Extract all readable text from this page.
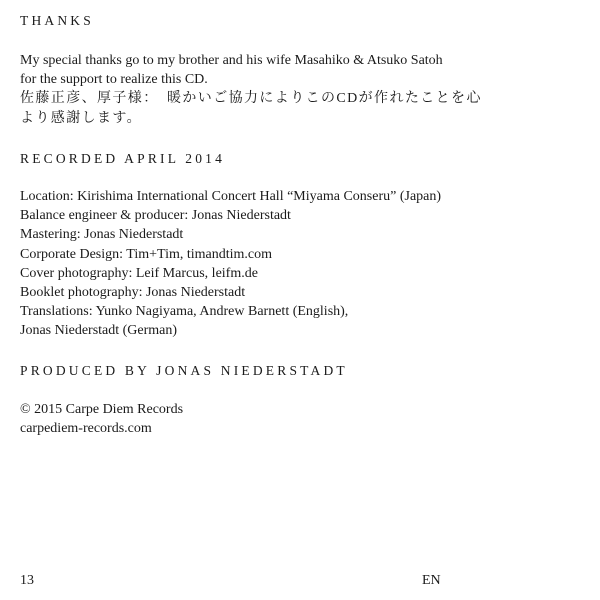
THANKS
My special thanks go to my brother and his wife Masahiko & Atsuko Satoh
for the support to realize this CD.
佐藤正彦、厚子様：　暖かいご協力によりこのCDが作れたことを心
より感謝します。
RECORDED APRIL 2014
Location: Kirishima International Concert Hall “Miyama Conseru” (Japan)
Balance engineer & producer: Jonas Niederstadt
Mastering: Jonas Niederstadt
Corporate Design: Tim+Tim, timandtim.com
Cover photography: Leif Marcus, leifm.de
Booklet photography: Jonas Niederstadt
Translations: Yunko Nagiyama, Andrew Barnett (English),
Jonas Niederstadt (German)
PRODUCED BY JONAS NIEDERSTADT
© 2015 Carpe Diem Records
carpediem-records.com
13	EN
